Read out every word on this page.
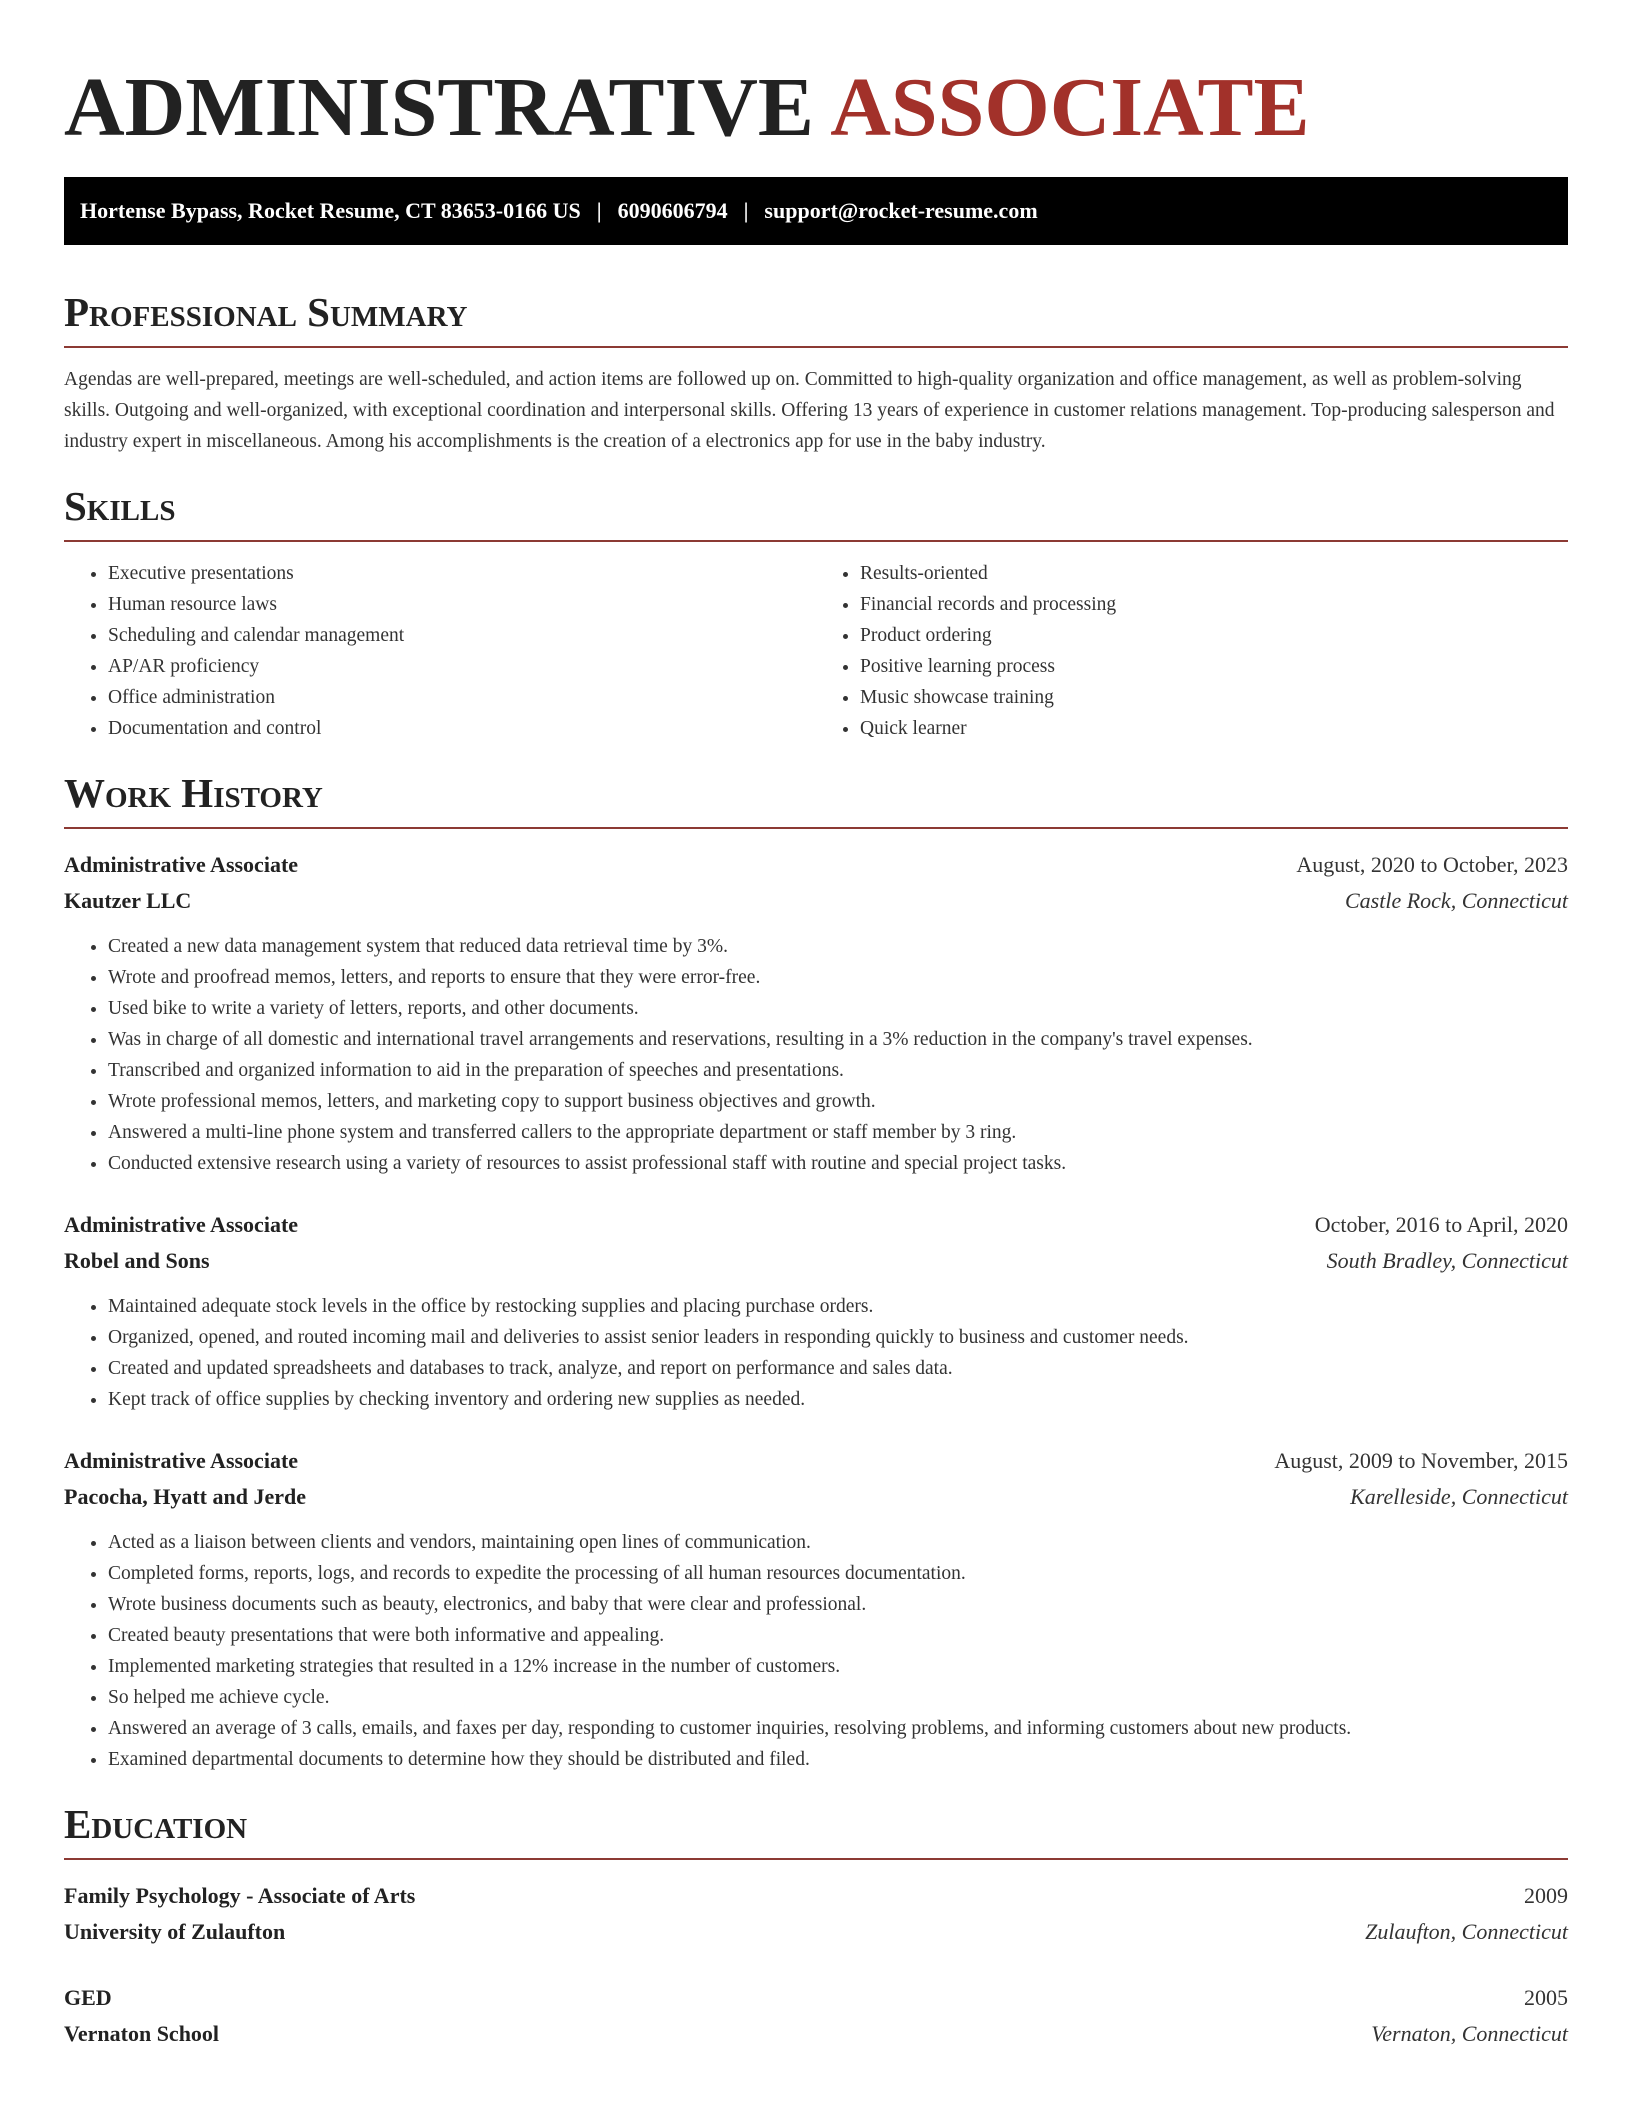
ADMINISTRATIVE ASSOCIATE
Hortense Bypass, Rocket Resume, CT 83653-0166 US | 6090606794 | support@rocket-resume.com
Professional Summary

Agendas are well-prepared, meetings are well-scheduled, and action items are followed up on. Committed to high-quality organization and office management, as well as problem-solving skills. Outgoing and well-organized, with exceptional coordination and interpersonal skills. Offering 13 years of experience in customer relations management. Top-producing salesperson and industry expert in miscellaneous. Among his accomplishments is the creation of a electronics app for use in the baby industry.

Skills
• Executive presentations
• Human resource laws
• Scheduling and calendar management
• AP/AR proficiency
• Office administration
• Documentation and control
• Results-oriented
• Financial records and processing
• Product ordering
• Positive learning process
• Music showcase training
• Quick learner
Work History
Administrative Associate	August, 2020 to October, 2023
Kautzer LLC	Castle Rock, Connecticut
• Created a new data management system that reduced data retrieval time by 3%.
• Wrote and proofread memos, letters, and reports to ensure that they were error-free.
• Used bike to write a variety of letters, reports, and other documents.
• Was in charge of all domestic and international travel arrangements and reservations, resulting in a 3% reduction in the company's travel expenses.
• Transcribed and organized information to aid in the preparation of speeches and presentations.
• Wrote professional memos, letters, and marketing copy to support business objectives and growth.
• Answered a multi-line phone system and transferred callers to the appropriate department or staff member by 3 ring.
• Conducted extensive research using a variety of resources to assist professional staff with routine and special project tasks.
Administrative Associate	October, 2016 to April, 2020
Robel and Sons	South Bradley, Connecticut
• Maintained adequate stock levels in the office by restocking supplies and placing purchase orders.
• Organized, opened, and routed incoming mail and deliveries to assist senior leaders in responding quickly to business and customer needs.
• Created and updated spreadsheets and databases to track, analyze, and report on performance and sales data.
• Kept track of office supplies by checking inventory and ordering new supplies as needed.
Administrative Associate	August, 2009 to November, 2015
Pacocha, Hyatt and Jerde	Karelleside, Connecticut
• Acted as a liaison between clients and vendors, maintaining open lines of communication.
• Completed forms, reports, logs, and records to expedite the processing of all human resources documentation.
• Wrote business documents such as beauty, electronics, and baby that were clear and professional.
• Created beauty presentations that were both informative and appealing.
• Implemented marketing strategies that resulted in a 12% increase in the number of customers.
• So helped me achieve cycle.
• Answered an average of 3 calls, emails, and faxes per day, responding to customer inquiries, resolving problems, and informing customers about new products.
• Examined departmental documents to determine how they should be distributed and filed.
Education
Family Psychology - Associate of Arts	2009
University of Zulaufton	Zulaufton, Connecticut
GED	2005
Vernaton School	Vernaton, Connecticut
